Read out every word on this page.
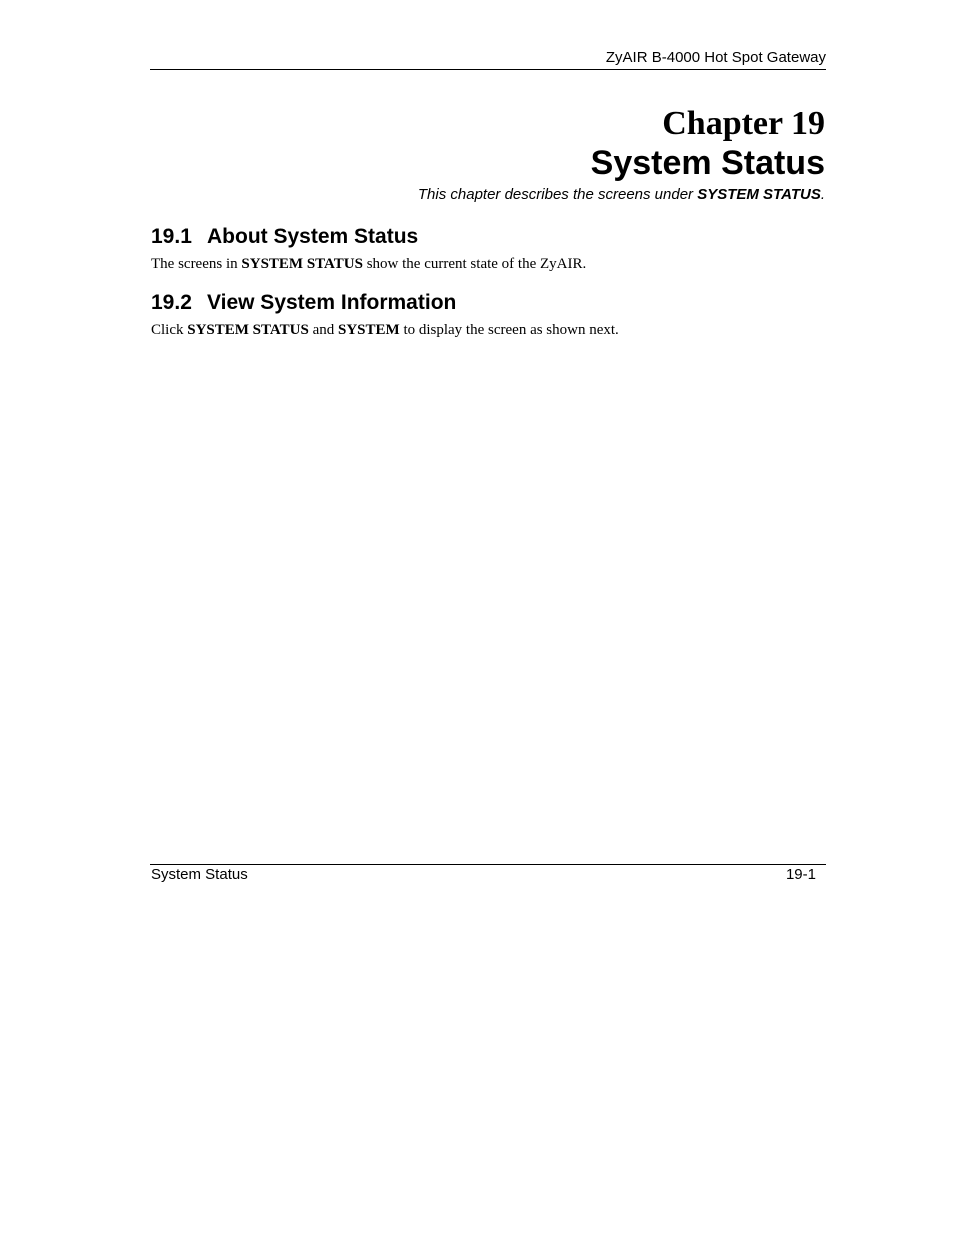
ZyAIR B-4000 Hot Spot Gateway
Chapter 19
System Status
This chapter describes the screens under SYSTEM STATUS.
19.1 About System Status
The screens in SYSTEM STATUS show the current state of the ZyAIR.
19.2 View System Information
Click SYSTEM STATUS and SYSTEM to display the screen as shown next.
System Status	19-1
